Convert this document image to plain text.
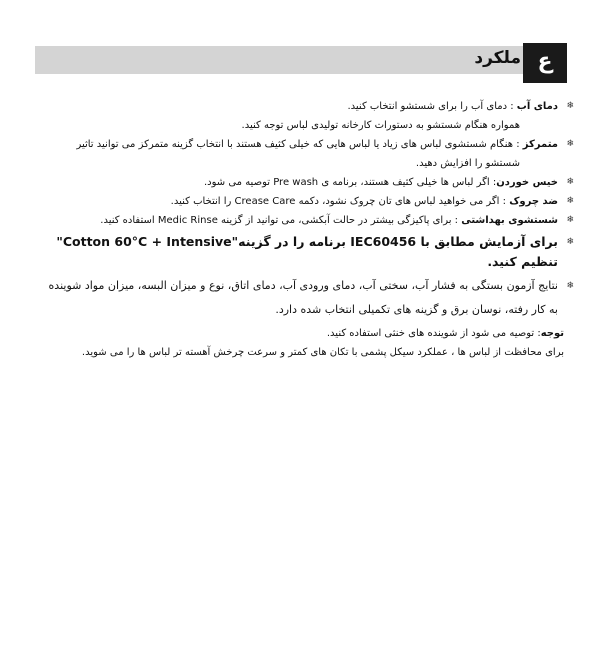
ملکرد ع
❄
دمای آب : دمای آب را برای شستشو انتخاب کنید.
همواره هنگام شستشو به دستورات کارخانه تولیدی لباس توجه کنید.
❄
متمرکز : هنگام شستشوی لباس های زیاد یا لباس هایی که خیلی کثیف هستند با انتخاب گزینه متمرکز می توانید تاثیر
شستشو را افزایش دهید.
❄
خیس خوردن: اگر لباس ها خیلی کثیف هستند، برنامه ی Pre wash توصیه می شود.
❄
ضد چروک : اگر می خواهید لباس های تان چروک نشود، دکمه Crease Care را انتخاب کنید.
❄
شستشوی بهداشتی : برای پاکیزگی بیشتر در حالت آبکشی، می توانید از گزینه Medic Rinse استفاده کنید.
❄
برای آزمایش مطابق با IEC60456 برنامه را در گزینه"Cotton 60°C + Intensive"
تنظیم کنید.
❄
نتایج آزمون بستگی به فشار آب، سختی آب، دمای ورودی آب، دمای اتاق، نوع و میزان البسه، میزان مواد شوینده
به کار رفته، نوسان برق و گزینه های تکمیلی انتخاب شده دارد.
توجه: توصیه می شود از شوینده های خنثی استفاده کنید.
برای محافظت از لباس ها ، عملکرد سیکل پشمی با تکان های کمتر و سرعت چرخش آهسته تر لباس ها را می شوید.
